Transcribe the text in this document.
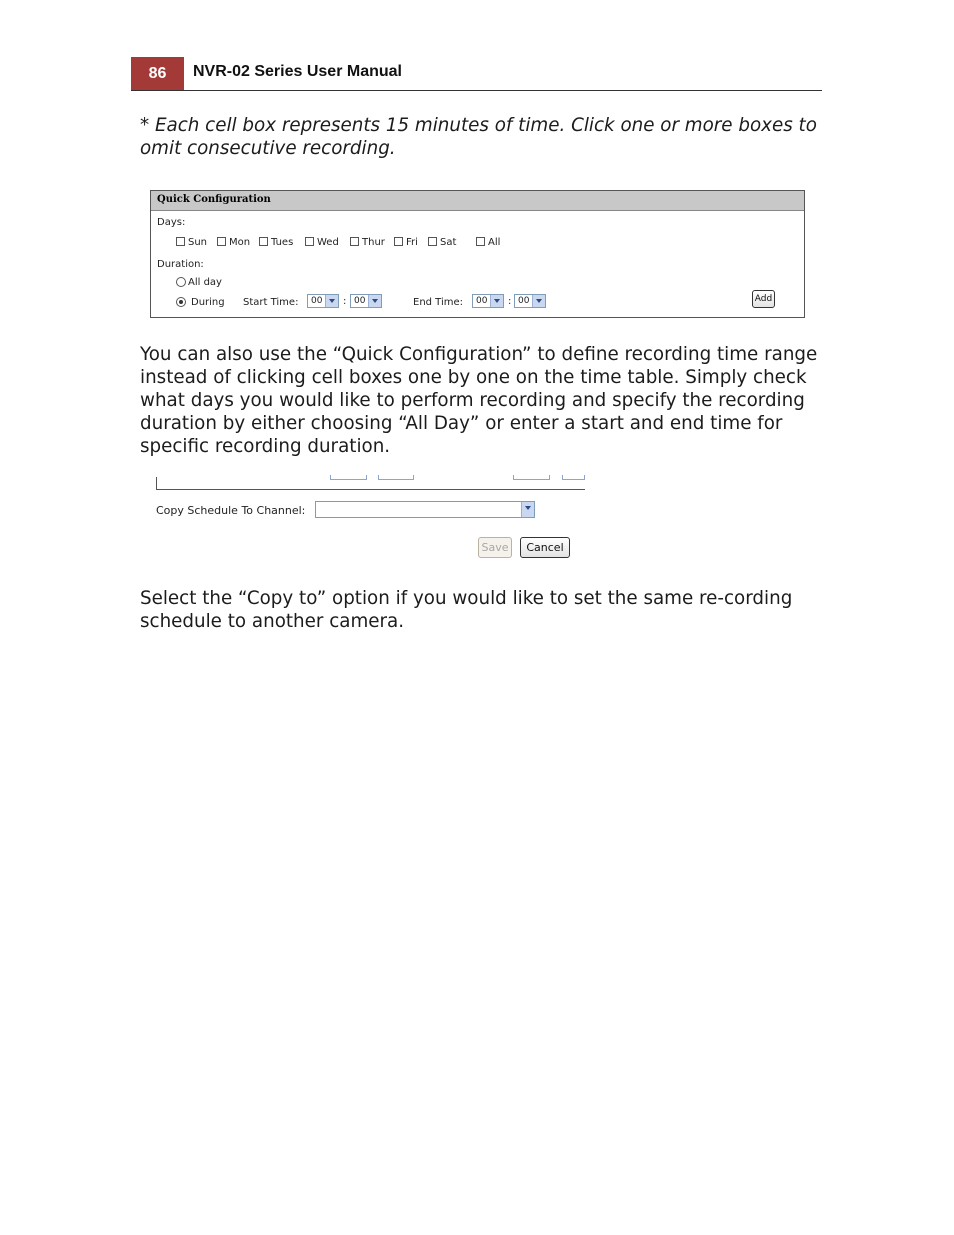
86	NVR-02 Series User Manual
* Each cell box represents 15 minutes of time. Click one or more boxes to omit consecutive recording.
Quick Configuration
Days:
Sun Mon Tues Wed Thur Fri Sat	All
Duration:
All day
During Start Time: 00 : 00	End Time: 00 : 00	Add
You can also use the “Quick Configuration” to define recording time range instead of clicking cell boxes one by one on the time table. Simply check what days you would like to perform recording and specify the recording duration by either choosing “All Day” or enter a start and end time for specific recording duration.
Copy Schedule To Channel:
Save	Cancel
Select the “Copy to” option if you would like to set the same re-cording schedule to another camera.
